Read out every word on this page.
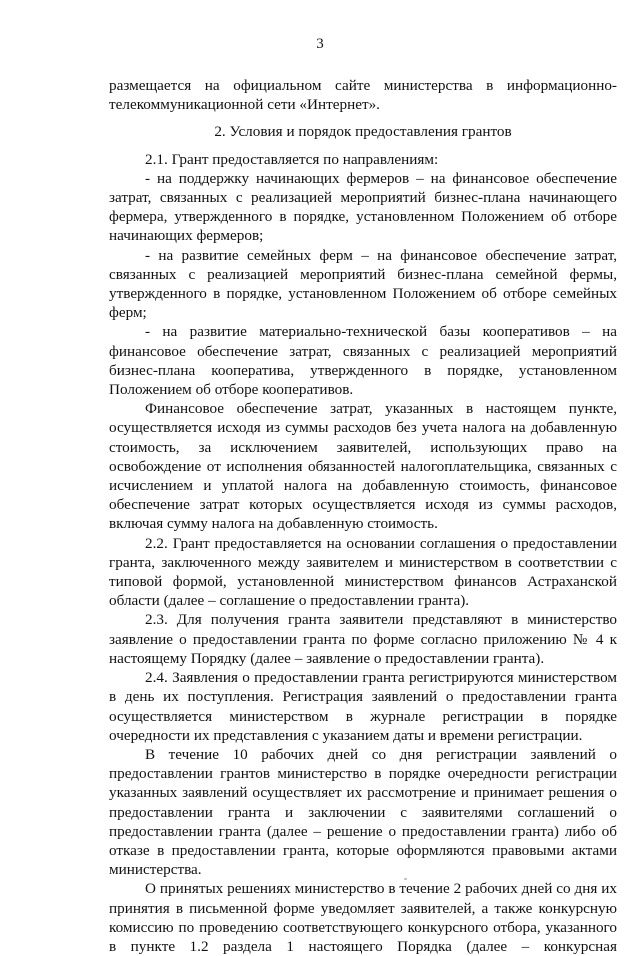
3

размещается на официальном сайте министерства в информационно-телекоммуникационной сети «Интернет».

2. Условия и порядок предоставления грантов

2.1. Грант предоставляется по направлениям:

- на поддержку начинающих фермеров – на финансовое обеспечение затрат, связанных с реализацией мероприятий бизнес-плана начинающего фермера, утвержденного в порядке, установленном Положением об отборе начинающих фермеров;

- на развитие семейных ферм – на финансовое обеспечение затрат, связанных с реализацией мероприятий бизнес-плана семейной фермы, утвержденного в порядке, установленном Положением об отборе семейных ферм;

- на развитие материально-технической базы кооперативов – на финансовое обеспечение затрат, связанных с реализацией мероприятий бизнес-плана кооператива, утвержденного в порядке, установленном Положением об отборе кооперативов.

Финансовое обеспечение затрат, указанных в настоящем пункте, осуществляется исходя из суммы расходов без учета налога на добавленную стоимость, за исключением заявителей, использующих право на освобождение от исполнения обязанностей налогоплательщика, связанных с исчислением и уплатой налога на добавленную стоимость, финансовое обеспечение затрат которых осуществляется исходя из суммы расходов, включая сумму налога на добавленную стоимость.

2.2. Грант предоставляется на основании соглашения о предоставлении гранта, заключенного между заявителем и министерством в соответствии с типовой формой, установленной министерством финансов Астраханской области (далее – соглашение о предоставлении гранта).

2.3. Для получения гранта заявители представляют в министерство заявление о предоставлении гранта по форме согласно приложению № 4 к настоящему Порядку (далее – заявление о предоставлении гранта).

2.4. Заявления о предоставлении гранта регистрируются министерством в день их поступления. Регистрация заявлений о предоставлении гранта осуществляется министерством в журнале регистрации в порядке очередности их представления с указанием даты и времени регистрации.

В течение 10 рабочих дней со дня регистрации заявлений о предоставлении грантов министерство в порядке очередности регистрации указанных заявлений осуществляет их рассмотрение и принимает решения о предоставлении гранта и заключении с заявителями соглашений о предоставлении гранта (далее – решение о предоставлении гранта) либо об отказе в предоставлении гранта, которые оформляются правовыми актами министерства.

О принятых решениях министерство в течение 2 рабочих дней со дня их принятия в письменной форме уведомляет заявителей, а также конкурсную комиссию по проведению соответствующего конкурсного отбора, указанного в пункте 1.2 раздела 1 настоящего Порядка (далее – конкурсная
